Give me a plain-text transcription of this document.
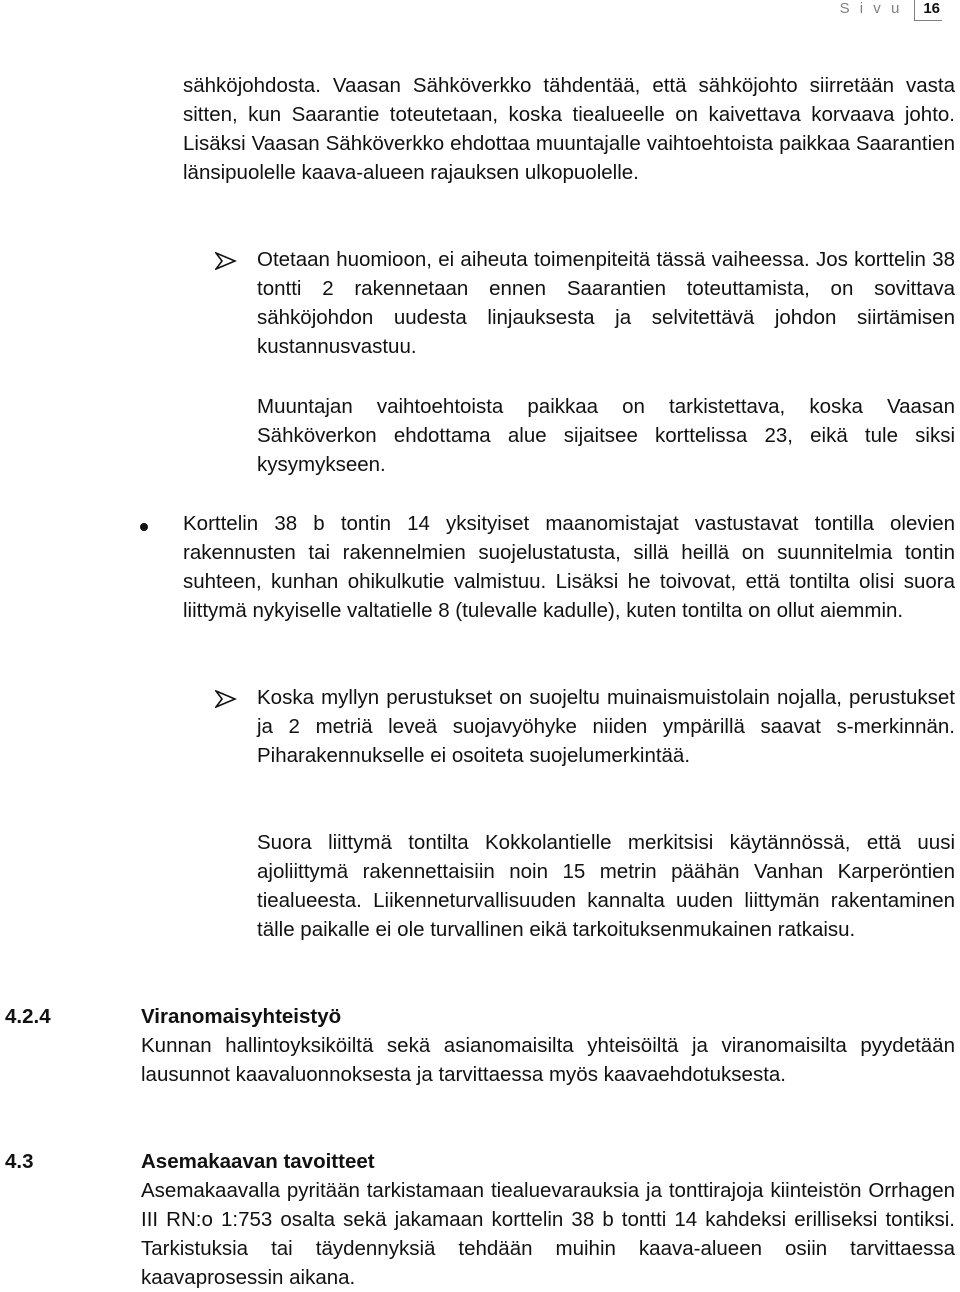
S i v u	16

sähköjohdosta. Vaasan Sähköverkko tähdentää, että sähköjohto siirretään vasta sitten, kun Saarantie toteutetaan, koska tiealueelle on kaivettava korvaava johto. Lisäksi Vaasan Sähköverkko ehdottaa muuntajalle vaihtoehtoista paikkaa Saarantien länsipuolelle kaava-alueen rajauksen ulkopuolelle.

Otetaan huomioon, ei aiheuta toimenpiteitä tässä vaiheessa. Jos korttelin 38 tontti 2 rakennetaan ennen Saarantien toteuttamista, on sovittava sähköjohdon uudesta linjauksesta ja selvitettävä johdon siirtämisen kustannusvastuu.

Muuntajan vaihtoehtoista paikkaa on tarkistettava, koska Vaasan Sähköverkon ehdottama alue sijaitsee korttelissa 23, eikä tule siksi kysymykseen.

Korttelin 38 b tontin 14 yksityiset maanomistajat vastustavat tontilla olevien rakennusten tai rakennelmien suojelustatusta, sillä heillä on suunnitelmia tontin suhteen, kunhan ohikulkutie valmistuu. Lisäksi he toivovat, että tontilta olisi suora liittymä nykyiselle valtatielle 8 (tulevalle kadulle), kuten tontilta on ollut aiemmin.

Koska myllyn perustukset on suojeltu muinaismuistolain nojalla, perustukset ja 2 metriä leveä suojavyöhyke niiden ympärillä saavat s-merkinnän. Piharakennukselle ei osoiteta suojelumerkintää.

Suora liittymä tontilta Kokkolantielle merkitsisi käytännössä, että uusi ajoliittymä rakennettaisiin noin 15 metrin päähän Vanhan Karperöntien tiealueesta. Liikenneturvallisuuden kannalta uuden liittymän rakentaminen tälle paikalle ei ole turvallinen eikä tarkoituksenmukainen ratkaisu.

4.2.4	Viranomaisyhteistyö

Kunnan hallintoyksiköiltä sekä asianomaisilta yhteisöiltä ja viranomaisilta pyydetään lausunnot kaavaluonnoksesta ja tarvittaessa myös kaavaehdotuksesta.

4.3	Asemakaavan tavoitteet

Asemakaavalla pyritään tarkistamaan tiealuevarauksia ja tonttirajoja kiinteistön Orrhagen III RN:o 1:753 osalta sekä jakamaan korttelin 38 b tontti 14 kahdeksi erilliseksi tontiksi. Tarkistuksia tai täydennyksiä tehdään muihin kaava-alueen osiin tarvittaessa kaavaprosessin aikana.
